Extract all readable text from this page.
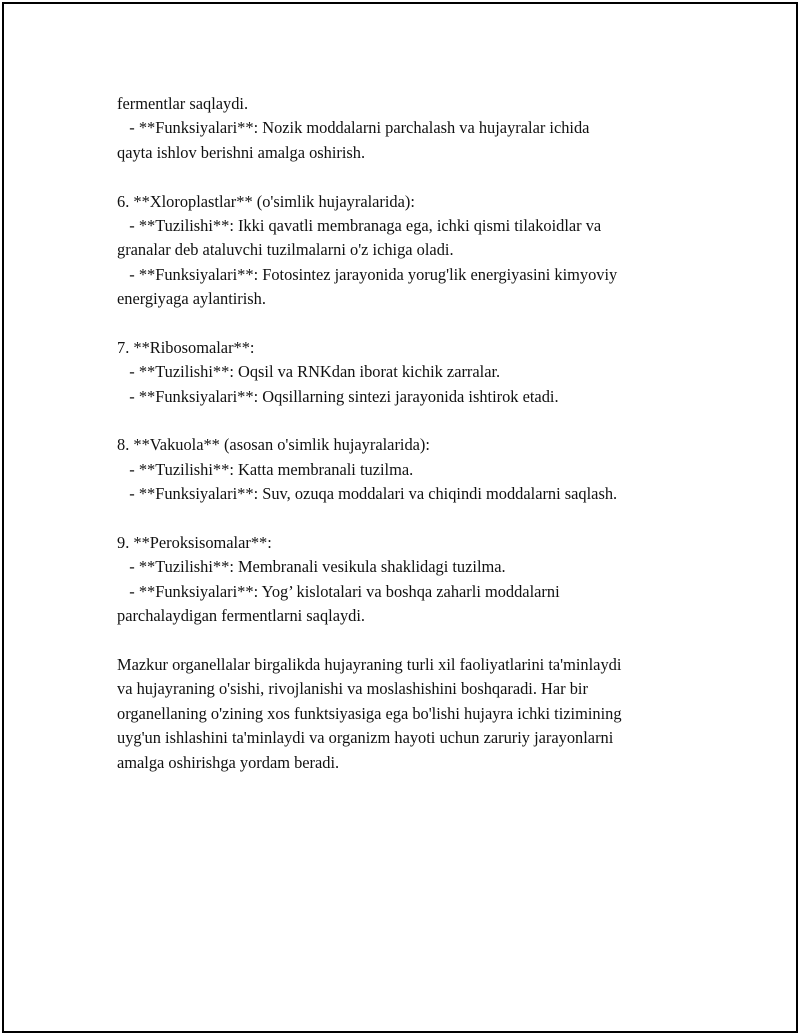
fermentlar saqlaydi.
- **Funksiyalari**: Nozik moddalarni parchalash va hujayralar ichida
qayta ishlov berishni amalga oshirish.
6. **Xloroplastlar** (o'simlik hujayralarida):
- **Tuzilishi**: Ikki qavatli membranaga ega, ichki qismi tilakoidlar va
granalar deb ataluvchi tuzilmalarni o'z ichiga oladi.
- **Funksiyalari**: Fotosintez jarayonida yorug'lik energiyasini kimyoviy
energiyaga aylantirish.
7. **Ribosomalar**:
- **Tuzilishi**: Oqsil va RNKdan iborat kichik zarralar.
- **Funksiyalari**: Oqsillarning sintezi jarayonida ishtirok etadi.
8. **Vakuola** (asosan o'simlik hujayralarida):
- **Tuzilishi**: Katta membranali tuzilma.
- **Funksiyalari**: Suv, ozuqa moddalari va chiqindi moddalarni saqlash.
9. **Peroksisomalar**:
- **Tuzilishi**: Membranali vesikula shaklidagi tuzilma.
- **Funksiyalari**: Yog’ kislotalari va boshqa zaharli moddalarni
parchalaydigan fermentlarni saqlaydi.
Mazkur organellalar birgalikda hujayraning turli xil faoliyatlarini ta'minlaydi
va hujayraning o'sishi, rivojlanishi va moslashishini boshqaradi. Har bir
organellaning o'zining xos funktsiyasiga ega bo'lishi hujayra ichki tizimining
uyg'un ishlashini ta'minlaydi va organizm hayoti uchun zaruriy jarayonlarni
amalga oshirishga yordam beradi.
